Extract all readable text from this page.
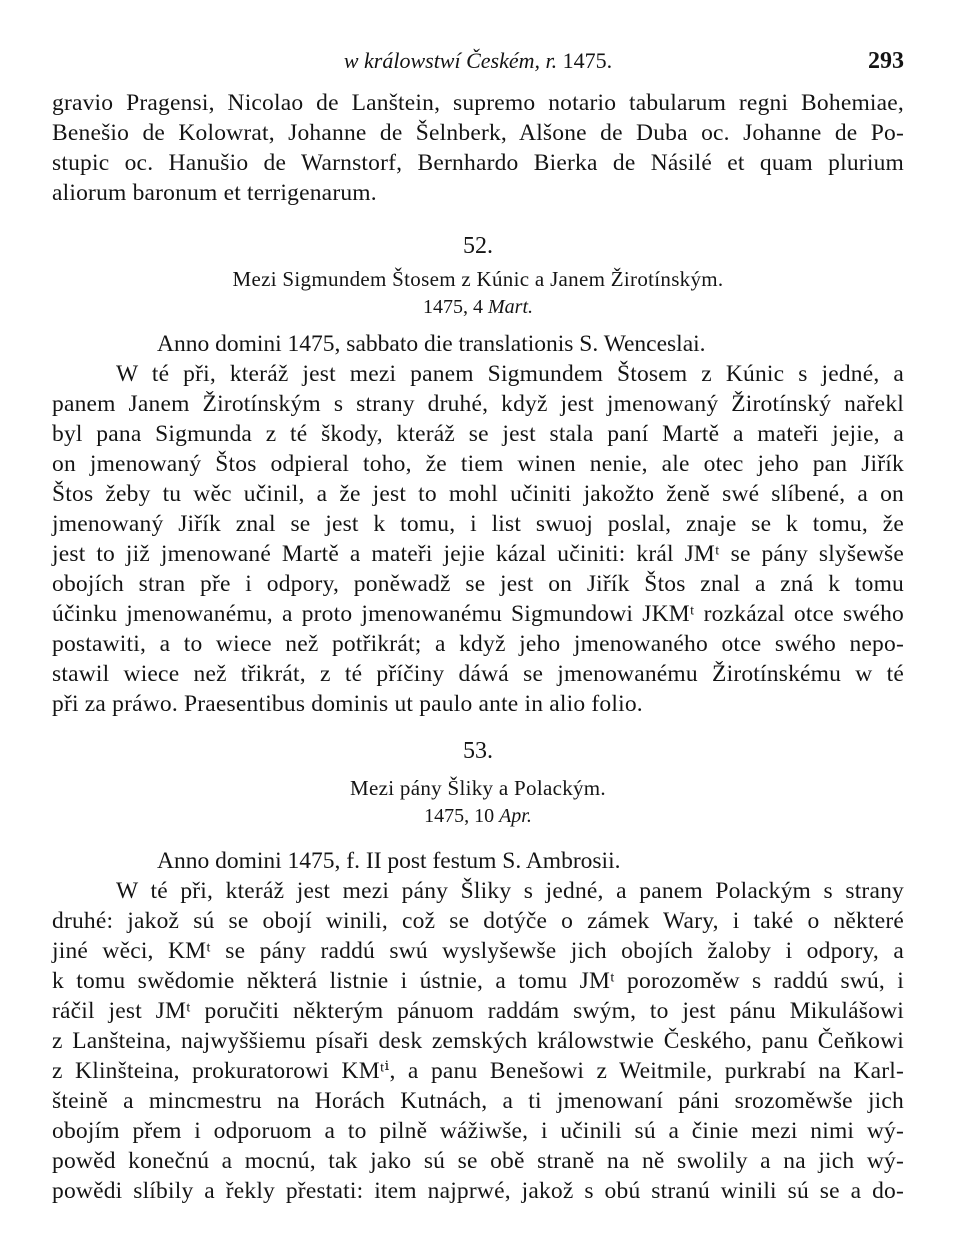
w králowstwí Českém, r. 1475.	293
gravio Pragensi, Nicolao de Lanštein, supremo notario tabularum regni Bohemiae,
Benešio de Kolowrat, Johanne de Šelnberk, Alšone de Duba oc. Johanne de Po-
stupic oc. Hanušio de Warnstorf, Bernhardo Bierka de Násilé et quam plurium
aliorum baronum et terrigenarum.
52.
Mezi Sigmundem Štosem z Kúnic a Janem Žirotínským.
1475, 4 Mart.
Anno domini 1475, sabbato die translationis S. Wenceslai.
W té při, kteráž jest mezi panem Sigmundem Štosem z Kúnic s jedné, a
panem Janem Žirotínským s strany druhé, když jest jmenowaný Žirotínský nařekl
byl pana Sigmunda z té škody, kteráž se jest stala paní Martě a mateři jejie, a
on jmenowaný Štos odpieral toho, že tiem winen nenie, ale otec jeho pan Jiřík
Štos žeby tu wěc učinil, a že jest to mohl učiniti jakožto ženě swé slíbené, a on
jmenowaný Jiřík znal se jest k tomu, i list swuoj poslal, znaje se k tomu, že
jest to již jmenowané Martě a mateři jejie kázal učiniti: král JMᵗ se pány slyšewše
obojích stran pře i odpory, poněwadž se jest on Jiřík Štos znal a zná k tomu
účinku jmenowanému, a proto jmenowanému Sigmundowi JKMᵗ rozkázal otce swého
postawiti, a to wiece než potřikrát; a když jeho jmenowaného otce swého nepo-
stawil wiece než třikrát, z té příčiny dáwá se jmenowanému Žirotínskému w té
při za práwo. Praesentibus dominis ut paulo ante in alio folio.
53.
Mezi pány Šliky a Polackým.
1475, 10 Apr.
Anno domini 1475, f. II post festum S. Ambrosii.
W té při, kteráž jest mezi pány Šliky s jedné, a panem Polackým s strany
druhé: jakož sú se obojí winili, což se dotýče o zámek Wary, i také o některé
jiné wěci, KMᵗ se pány raddú swú wyslyšewše jich obojích žaloby i odpory, a
k tomu swědomie některá listnie i ústnie, a tomu JMᵗ porozoměw s raddú swú, i
ráčil jest JMᵗ poručiti některým pánuom raddám swým, to jest pánu Mikulášowi
z Lanšteina, najwyššiemu písaři desk zemských králowstwie Českého, panu Čeňkowi
z Klinšteina, prokuratorowi KMᵗⁱ, a panu Benešowi z Weitmile, purkrabí na Karl-
šteině a mincmestru na Horách Kutnách, a ti jmenowaní páni srozoměwše jich
obojím přem i odporuom a to pilně wážiwše, i učinili sú a činie mezi nimi wý-
powěd konečnú a mocnú, tak jako sú se obě straně na ně swolily a na jich wý-
powědi slíbily a řekly přestati: item najprwé, jakož s obú stranú winili sú se a do-
